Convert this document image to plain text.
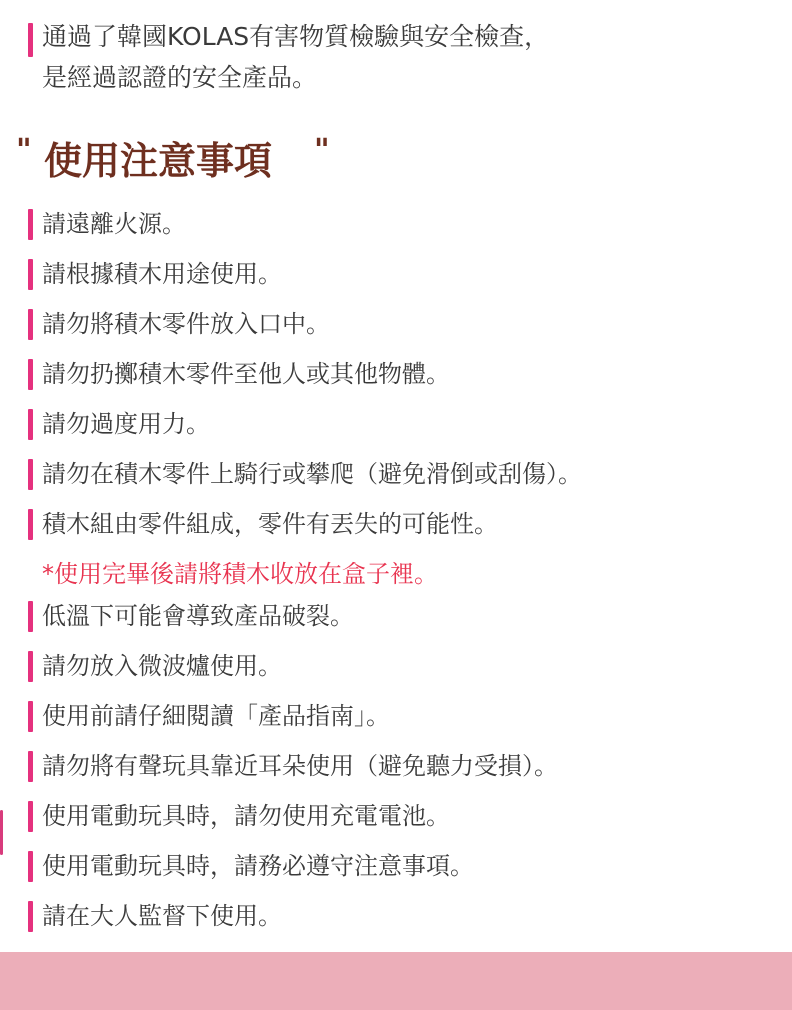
通過了韓國KOLAS有害物質檢驗與安全檢查，
是經過認證的安全產品。
" 使用注意事項 "
請遠離火源。
請根據積木用途使用。
請勿將積木零件放入口中。
請勿扔擲積木零件至他人或其他物體。
請勿過度用力。
請勿在積木零件上騎行或攀爬（避免滑倒或刮傷）。
積木組由零件組成，零件有丟失的可能性。
*使用完畢後請將積木收放在盒子裡。
低溫下可能會導致產品破裂。
請勿放入微波爐使用。
使用前請仔細閱讀「產品指南」。
請勿將有聲玩具靠近耳朵使用（避免聽力受損）。
使用電動玩具時，請勿使用充電電池。
使用電動玩具時，請務必遵守注意事項。
請在大人監督下使用。
